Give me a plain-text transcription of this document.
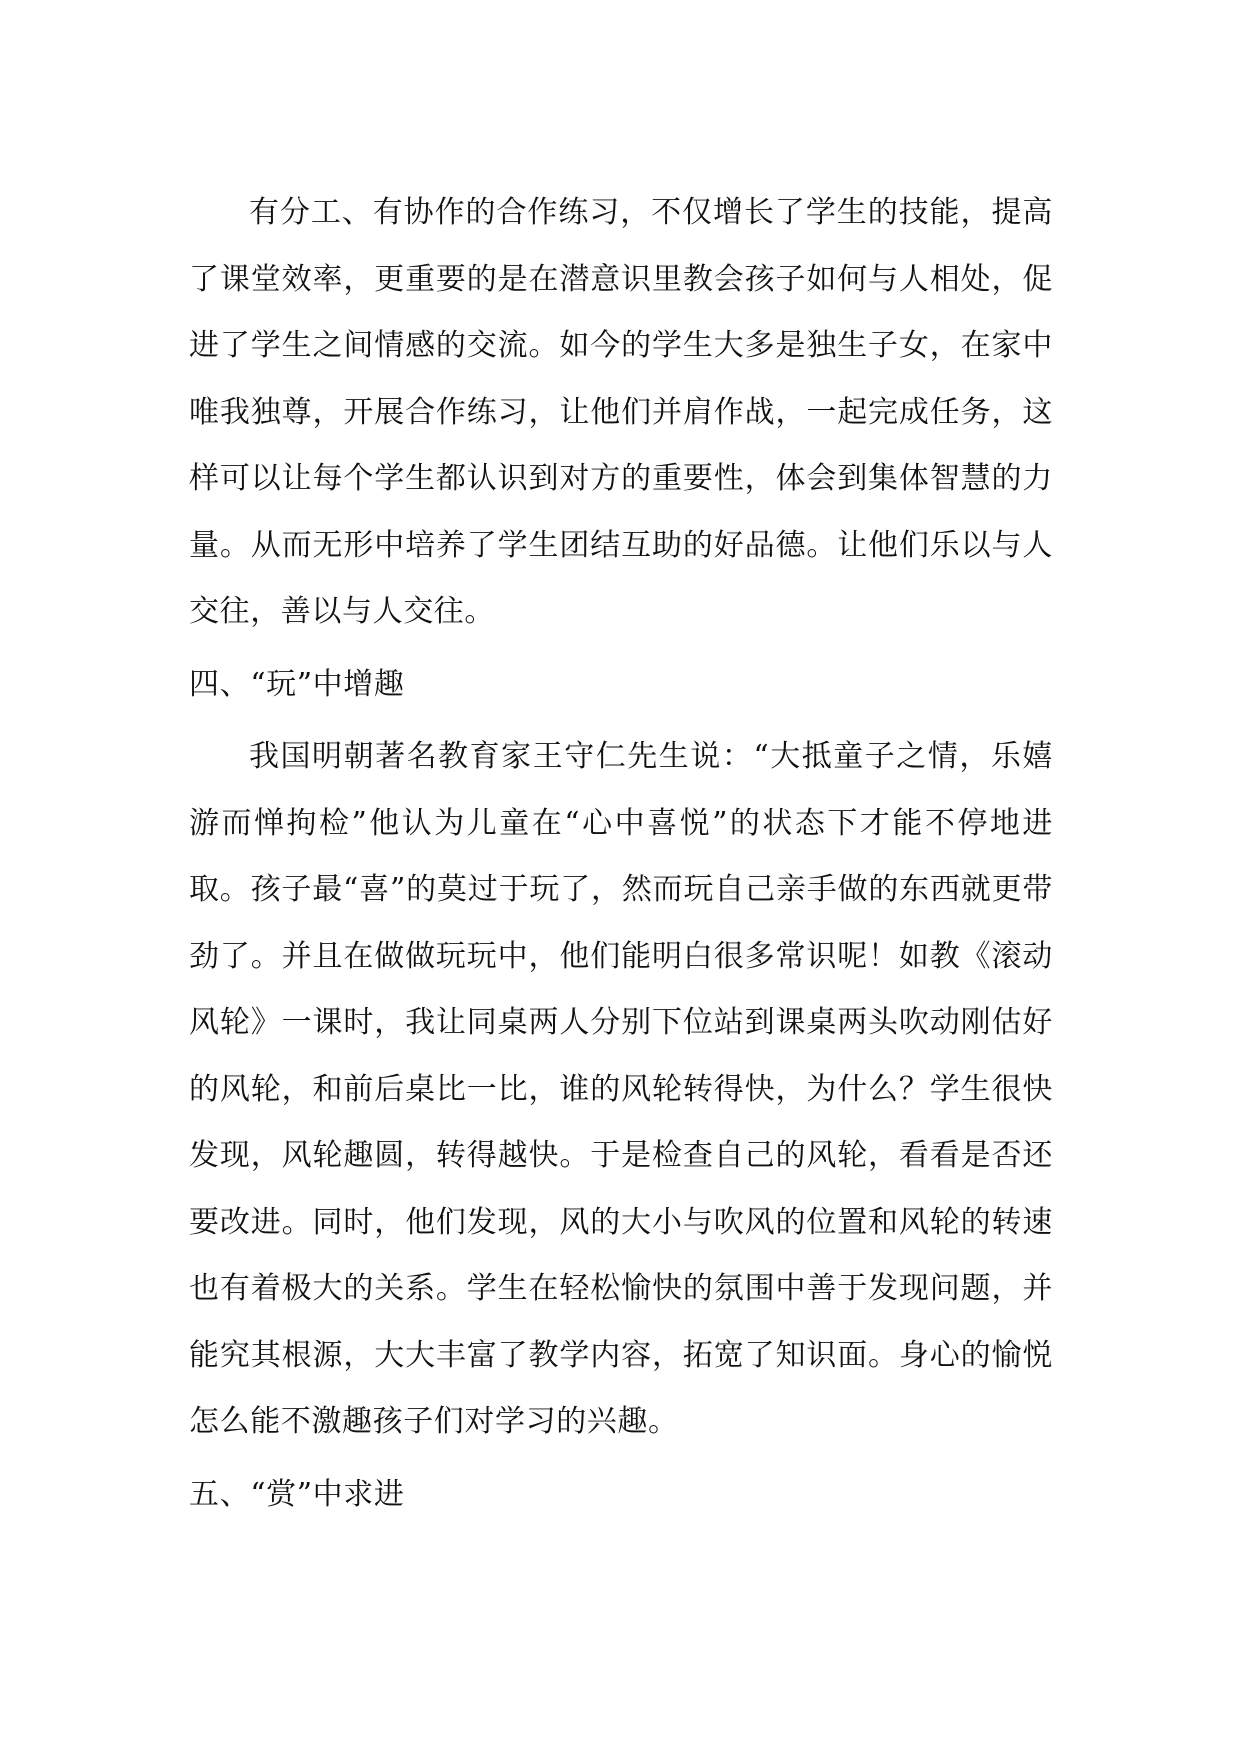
有分工、有协作的合作练习，不仅增长了学生的技能，提高了课堂效率，更重要的是在潜意识里教会孩子如何与人相处，促进了学生之间情感的交流。如今的学生大多是独生子女，在家中唯我独尊，开展合作练习，让他们并肩作战，一起完成任务，这样可以让每个学生都认识到对方的重要性，体会到集体智慧的力量。从而无形中培养了学生团结互助的好品德。让他们乐以与人交往，善以与人交往。

四、“玩”中增趣

我国明朝著名教育家王守仁先生说：“大抵童子之情，乐嬉游而惮拘检”他认为儿童在“心中喜悦”的状态下才能不停地进取。孩子最“喜”的莫过于玩了，然而玩自己亲手做的东西就更带劲了。并且在做做玩玩中，他们能明白很多常识呢！如教《滚动风轮》一课时，我让同桌两人分别下位站到课桌两头吹动刚估好的风轮，和前后桌比一比，谁的风轮转得快，为什么？学生很快发现，风轮趣圆，转得越快。于是检查自己的风轮，看看是否还要改进。同时，他们发现，风的大小与吹风的位置和风轮的转速也有着极大的关系。学生在轻松愉快的氛围中善于发现问题，并能究其根源，大大丰富了教学内容，拓宽了知识面。身心的愉悦怎么能不激趣孩子们对学习的兴趣。

五、“赏”中求进
